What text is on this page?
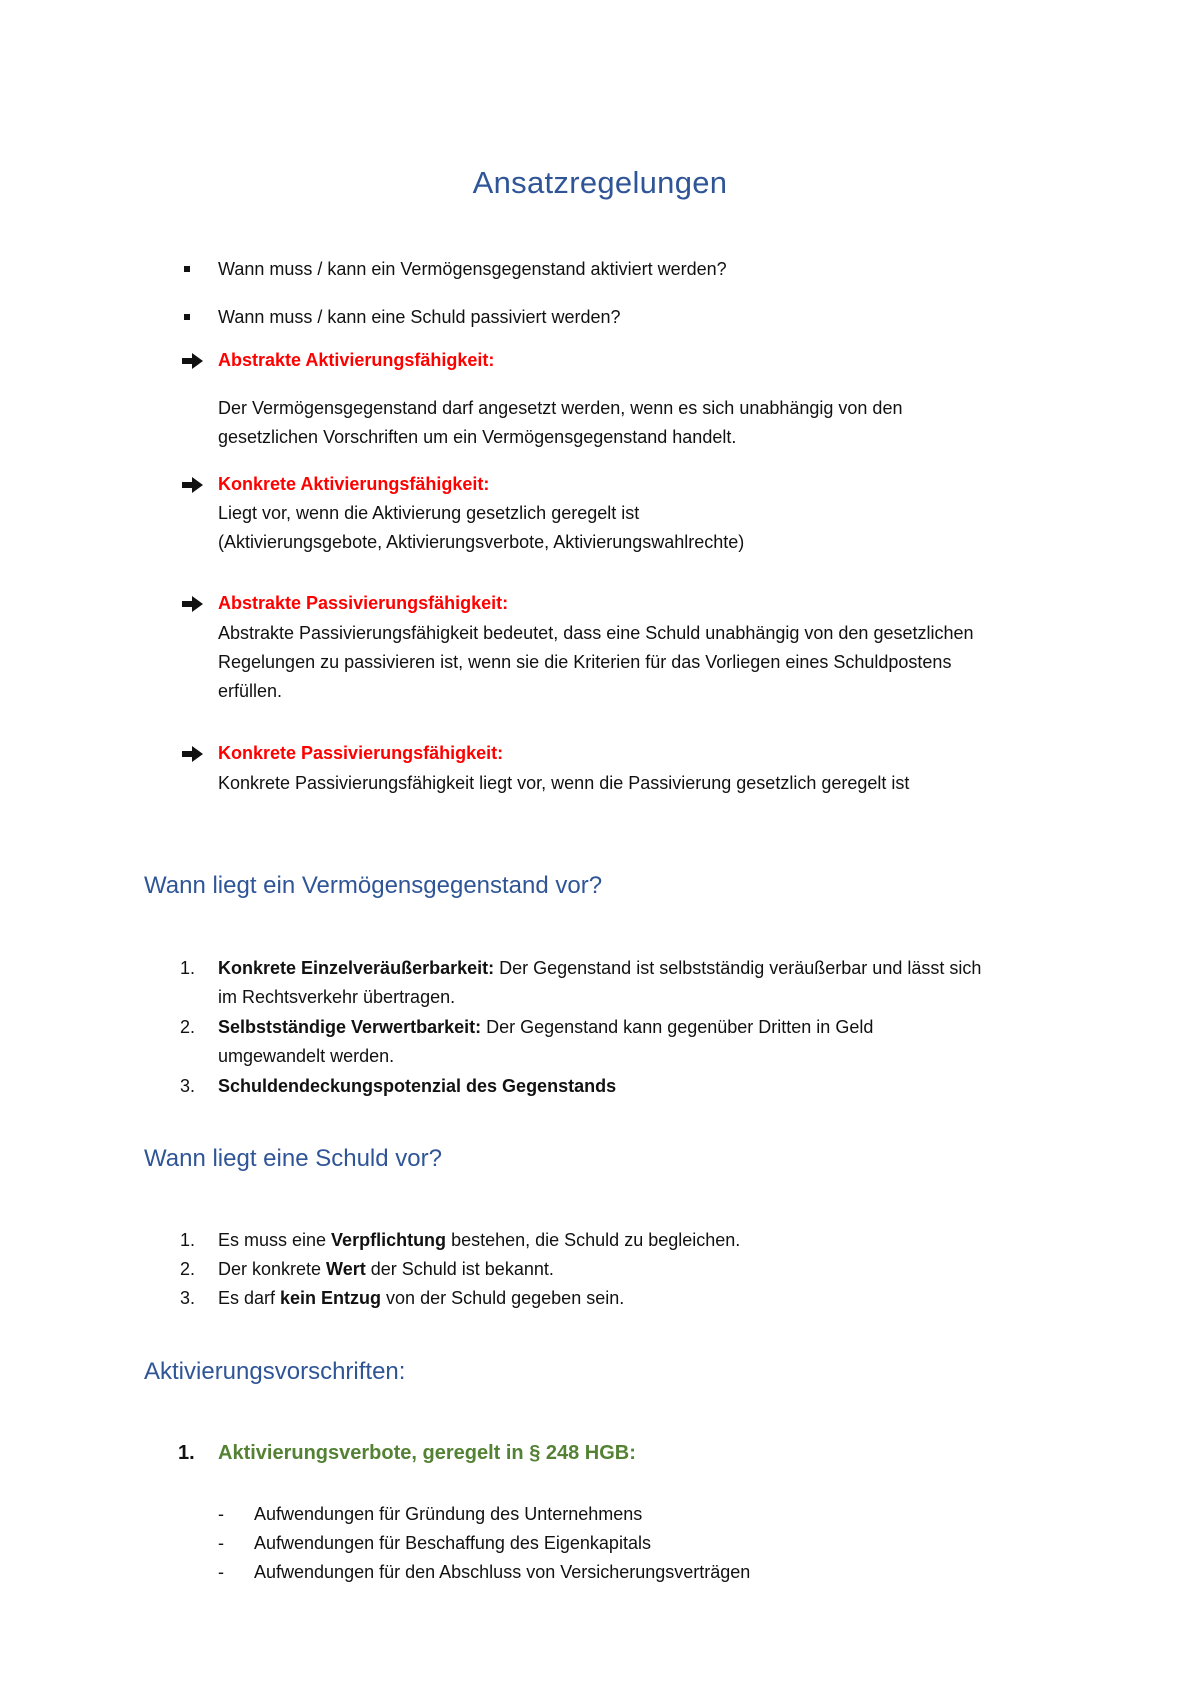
Ansatzregelungen
Wann muss / kann ein Vermögensgegenstand aktiviert werden?
Wann muss / kann eine Schuld passiviert werden?
Abstrakte Aktivierungsfähigkeit:
Der Vermögensgegenstand darf angesetzt werden, wenn es sich unabhängig von den
gesetzlichen Vorschriften um ein Vermögensgegenstand handelt.
Konkrete Aktivierungsfähigkeit:
Liegt vor, wenn die Aktivierung gesetzlich geregelt ist
(Aktivierungsgebote, Aktivierungsverbote, Aktivierungswahlrechte)
Abstrakte Passivierungsfähigkeit:
Abstrakte Passivierungsfähigkeit bedeutet, dass eine Schuld unabhängig von den gesetzlichen
Regelungen zu passivieren ist, wenn sie die Kriterien für das Vorliegen eines Schuldpostens
erfüllen.
Konkrete Passivierungsfähigkeit:
Konkrete Passivierungsfähigkeit liegt vor, wenn die Passivierung gesetzlich geregelt ist
Wann liegt ein Vermögensgegenstand vor?
1. Konkrete Einzelveräußerbarkeit: Der Gegenstand ist selbstständig veräußerbar und lässt sich
im Rechtsverkehr übertragen.
2. Selbstständige Verwertbarkeit: Der Gegenstand kann gegenüber Dritten in Geld
umgewandelt werden.
3. Schuldendeckungspotenzial des Gegenstands
Wann liegt eine Schuld vor?
1. Es muss eine Verpflichtung bestehen, die Schuld zu begleichen.
2. Der konkrete Wert der Schuld ist bekannt.
3. Es darf kein Entzug von der Schuld gegeben sein.
Aktivierungsvorschriften:
1. Aktivierungsverbote, geregelt in § 248 HGB:
- Aufwendungen für Gründung des Unternehmens
- Aufwendungen für Beschaffung des Eigenkapitals
- Aufwendungen für den Abschluss von Versicherungsverträgen
